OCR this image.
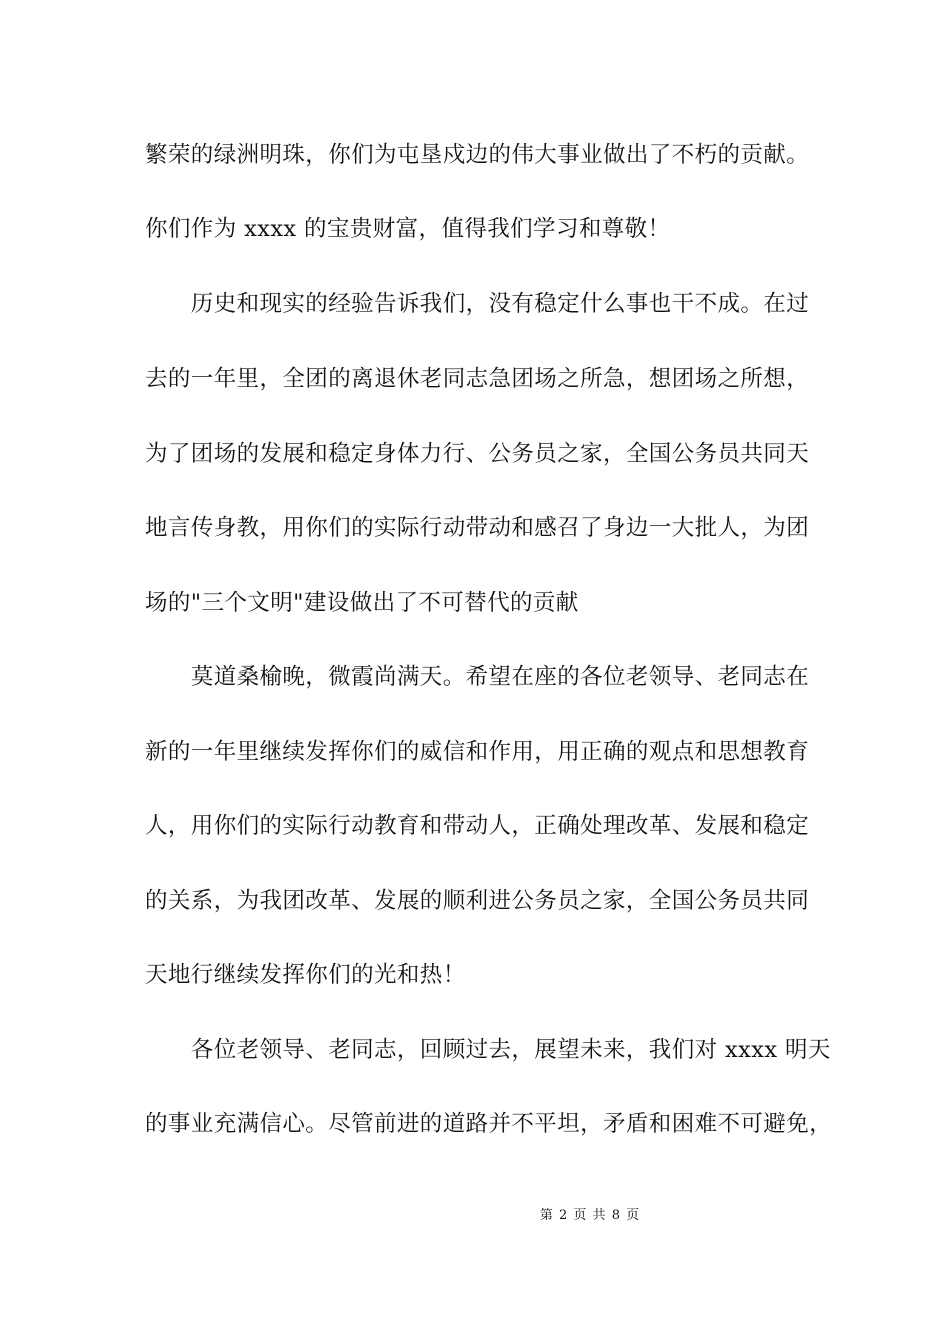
繁荣的绿洲明珠，你们为屯垦戍边的伟大事业做出了不朽的贡献。
你们作为 xxxx 的宝贵财富，值得我们学习和尊敬！
　　历史和现实的经验告诉我们，没有稳定什么事也干不成。在过
去的一年里，全团的离退休老同志急团场之所急，想团场之所想，
为了团场的发展和稳定身体力行、公务员之家，全国公务员共同天
地言传身教，用你们的实际行动带动和感召了身边一大批人，为团
场的"三个文明"建设做出了不可替代的贡献
　　莫道桑榆晚，微霞尚满天。希望在座的各位老领导、老同志在
新的一年里继续发挥你们的威信和作用，用正确的观点和思想教育
人，用你们的实际行动教育和带动人，正确处理改革、发展和稳定
的关系，为我团改革、发展的顺利进公务员之家，全国公务员共同
天地行继续发挥你们的光和热！
　　各位老领导、老同志，回顾过去，展望未来，我们对 xxxx 明天
的事业充满信心。尽管前进的道路并不平坦，矛盾和困难不可避免，
第 2 页 共 8 页
